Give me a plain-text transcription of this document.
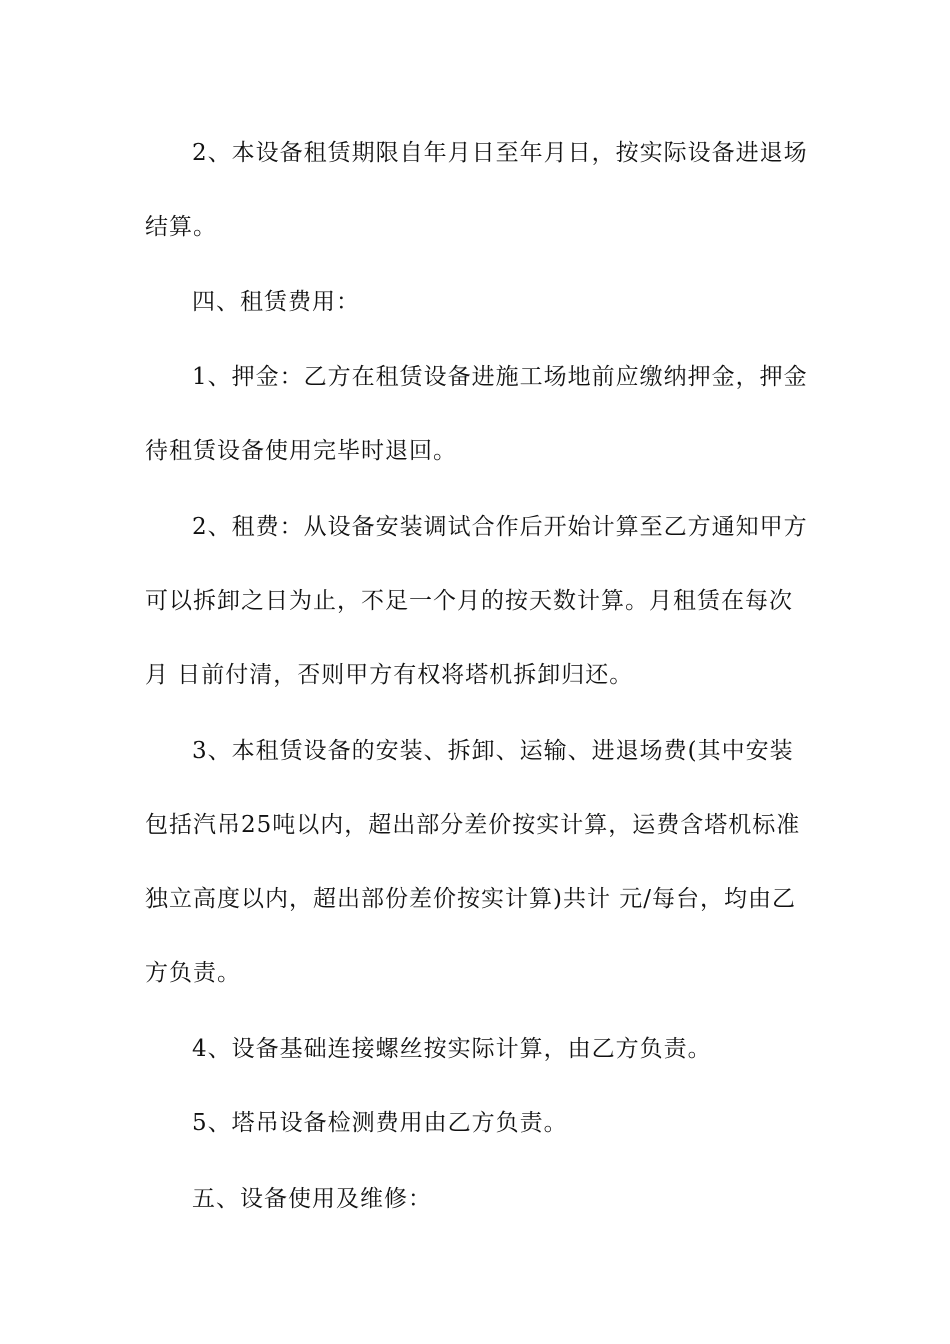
2、本设备租赁期限自年月日至年月日，按实际设备进退场
结算。
四、租赁费用：
1、押金：乙方在租赁设备进施工场地前应缴纳押金，押金
待租赁设备使用完毕时退回。
2、租费：从设备安装调试合作后开始计算至乙方通知甲方
可以拆卸之日为止，不足一个月的按天数计算。月租赁在每次
月 日前付清，否则甲方有权将塔机拆卸归还。
3、本租赁设备的安装、拆卸、运输、进退场费(其中安装
包括汽吊25吨以内，超出部分差价按实计算，运费含塔机标准
独立高度以内，超出部份差价按实计算)共计 元/每台，均由乙
方负责。
4、设备基础连接螺丝按实际计算，由乙方负责。
5、塔吊设备检测费用由乙方负责。
五、设备使用及维修：
